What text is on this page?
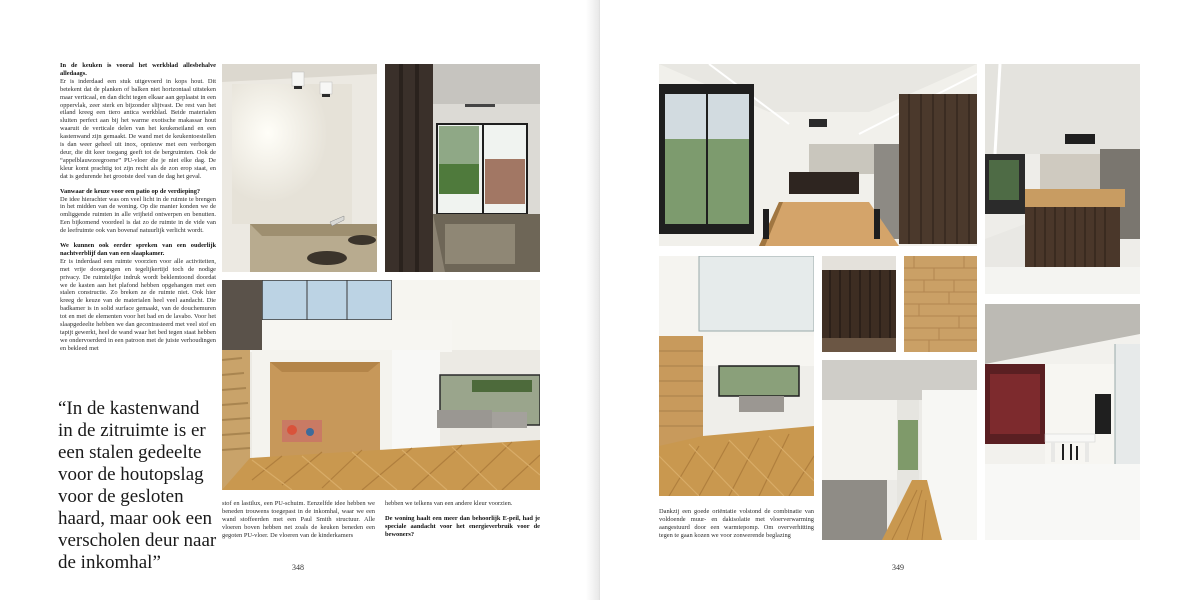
In de keuken is vooral het werkblad allesbehalve alledaags.
Er is inderdaad een stuk uitgevoerd in kops hout. Dit betekent dat de planken of balken niet horizontaal uitsteken maar verticaal, en dan dicht tegen elkaar aan geplaatst in een oppervlak, zeer sterk en bijzonder slijtvast. De rest van het eiland kreeg een tiero antica werkblad. Beide materialen sluiten perfect aan bij het warme exotische makassar hout waaruit de verticale delen van het keukeneiland en een kastenwand zijn gemaakt. De wand met de keukentoestellen is dan weer geheel uit inox, opnieuw met een verborgen deur, die dit keer toegang geeft tot de bergruimten. Ook de “appelblauwzeegroene” PU-vloer die je niet elke dag. De kleur komt prachtig tot zijn recht als de zon erop staat, en dat is gedurende het grootste deel van de dag het geval.

Vanwaar de keuze voor een patio op de verdieping?
De idee hierachter was om veel licht in de ruimte te brengen in het midden van de woning. Op die manier konden we de omliggende ruimten in alle vrijheid ontwerpen en benutten. Een bijkomend voordeel is dat zo de ruimte in de vide van de leefruimte ook van bovenaf natuurlijk verlicht wordt.

We kunnen ook eerder spreken van een ouderlijk nachtverblijf dan van een slaapkamer.
Er is inderdaad een ruimte voorzien voor alle activiteiten, met vrije doorgangen en tegelijkertijd toch de nodige privacy. De ruimtelijke indruk wordt beklemtoond doordat we de kasten aan het plafond hebben opgehangen met een stalen constructie. Zo breken ze de ruimte niet. Ook hier kreeg de keuze van de materialen heel veel aandacht. Die badkamer is in solid surface gemaakt, van de douchemuren tot en met de elementen voor het bad en de lavabo. Voor het slaapgedeelte hebben we dan gecontrasteerd met veel stof en tapijt gewerkt, heel de wand waar het bed tegen staat hebben we ondervoerderd in een patroon met de juiste verhoudingen en bekleed met

“In de kastenwand in de zitruimte is er een stalen gedeelte voor de houtopslag voor de gesloten haard, maar ook een verscholen deur naar de inkomhal”
stof en lastilux, een PU-schuim. Eenzelfde idee hebben we beneden trouwens toegepast in de inkomhal, waar we een wand stoffeerden met een Paul Smith structuur. Alle vloeren boven hebben net zoals de keuken beneden een gegoten PU-vloer. De vloeren van de kinderkamers

hebben we telkens van een andere kleur voorzien.

De woning haalt een meer dan behoorlijk E-peil, had je speciale aandacht voor het energieverbruik voor de bewoners?

348
Dankzij een goede oriëntatie volstond de combinatie van voldoende muur- en dakisolatie met vloerverwarming aangestuurd door een warmtepomp. Om oververhitting tegen te gaan kozen we voor zonwerende beglazing
349
